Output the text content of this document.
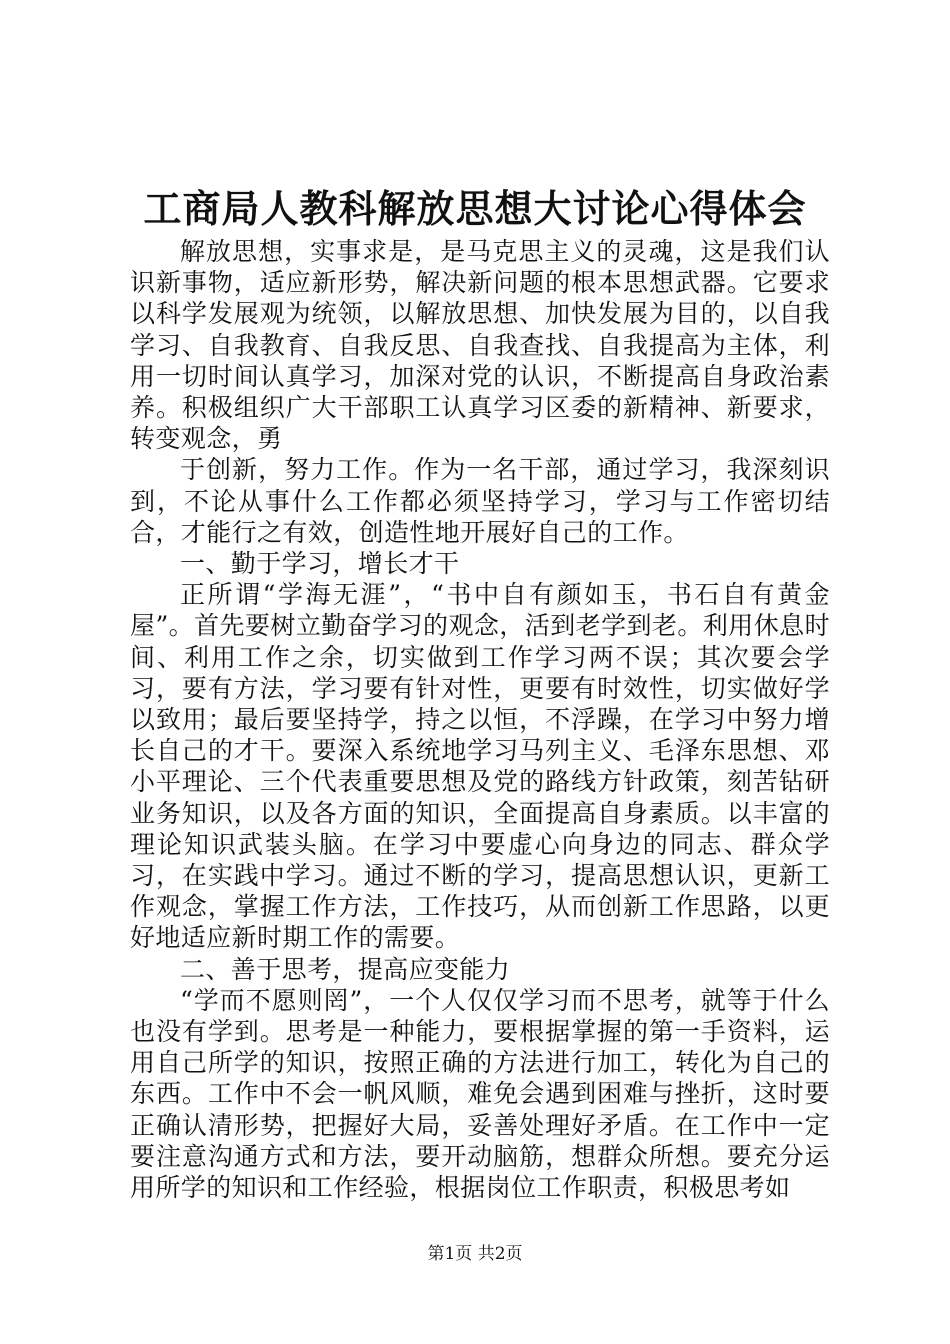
工商局人教科解放思想大讨论心得体会

解放思想，实事求是，是马克思主义的灵魂，这是我们认识新事物，适应新形势，解决新问题的根本思想武器。它要求以科学发展观为统领，以解放思想、加快发展为目的，以自我学习、自我教育、自我反思、自我查找、自我提高为主体，利用一切时间认真学习，加深对党的认识，不断提高自身政治素养。积极组织广大干部职工认真学习区委的新精神、新要求，转变观念，勇

于创新，努力工作。作为一名干部，通过学习，我深刻识到，不论从事什么工作都必须坚持学习，学习与工作密切结合，才能行之有效，创造性地开展好自己的工作。

一、勤于学习，增长才干

正所谓“学海无涯”，“书中自有颜如玉，书石自有黄金屋”。首先要树立勤奋学习的观念，活到老学到老。利用休息时间、利用工作之余，切实做到工作学习两不误；其次要会学习，要有方法，学习要有针对性，更要有时效性，切实做好学以致用；最后要坚持学，持之以恒，不浮躁，在学习中努力增长自己的才干。要深入系统地学习马列主义、毛泽东思想、邓小平理论、三个代表重要思想及党的路线方针政策，刻苦钻研业务知识，以及各方面的知识，全面提高自身素质。以丰富的理论知识武装头脑。在学习中要虚心向身边的同志、群众学习，在实践中学习。通过不断的学习，提高思想认识，更新工作观念，掌握工作方法，工作技巧，从而创新工作思路，以更好地适应新时期工作的需要。

二、善于思考，提高应变能力

“学而不愿则罔”，一个人仅仅学习而不思考，就等于什么也没有学到。思考是一种能力，要根据掌握的第一手资料，运用自己所学的知识，按照正确的方法进行加工，转化为自己的东西。工作中不会一帆风顺，难免会遇到困难与挫折，这时要正确认清形势，把握好大局，妥善处理好矛盾。在工作中一定要注意沟通方式和方法，要开动脑筋，想群众所想。要充分运用所学的知识和工作经验，根据岗位工作职责，积极思考如

第1页 共2页
